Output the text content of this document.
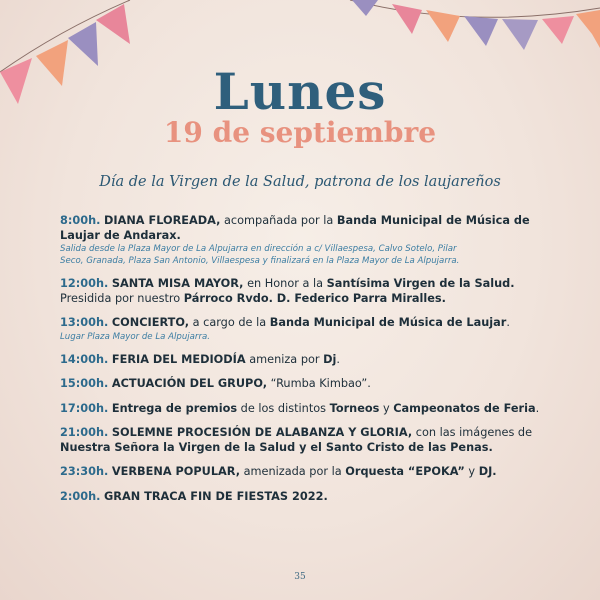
Lunes
19 de septiembre
Día de la Virgen de la Salud, patrona de los laujareños
8:00h. DIANA FLOREADA, acompañada por la Banda Municipal de Música de
Laujar de Andarax.
Salida desde la Plaza Mayor de La Alpujarra en dirección a c/ Villaespesa, Calvo Sotelo, Pilar
Seco, Granada, Plaza San Antonio, Villaespesa y finalizará en la Plaza Mayor de La Alpujarra.
12:00h. SANTA MISA MAYOR, en Honor a la Santísima Virgen de la Salud.
Presidida por nuestro Párroco Rvdo. D. Federico Parra Miralles.
13:00h. CONCIERTO, a cargo de la Banda Municipal de Música de Laujar.
Lugar Plaza Mayor de La Alpujarra.
14:00h. FERIA DEL MEDIODÍA ameniza por Dj.
15:00h. ACTUACIÓN DEL GRUPO, “Rumba Kimbao”.
17:00h. Entrega de premios de los distintos Torneos y Campeonatos de Feria.
21:00h. SOLEMNE PROCESIÓN DE ALABANZA Y GLORIA, con las imágenes de
Nuestra Señora la Virgen de la Salud y el Santo Cristo de las Penas.
23:30h. VERBENA POPULAR, amenizada por la Orquesta “EPOKA” y DJ.
2:00h. GRAN TRACA FIN DE FIESTAS 2022.
35
